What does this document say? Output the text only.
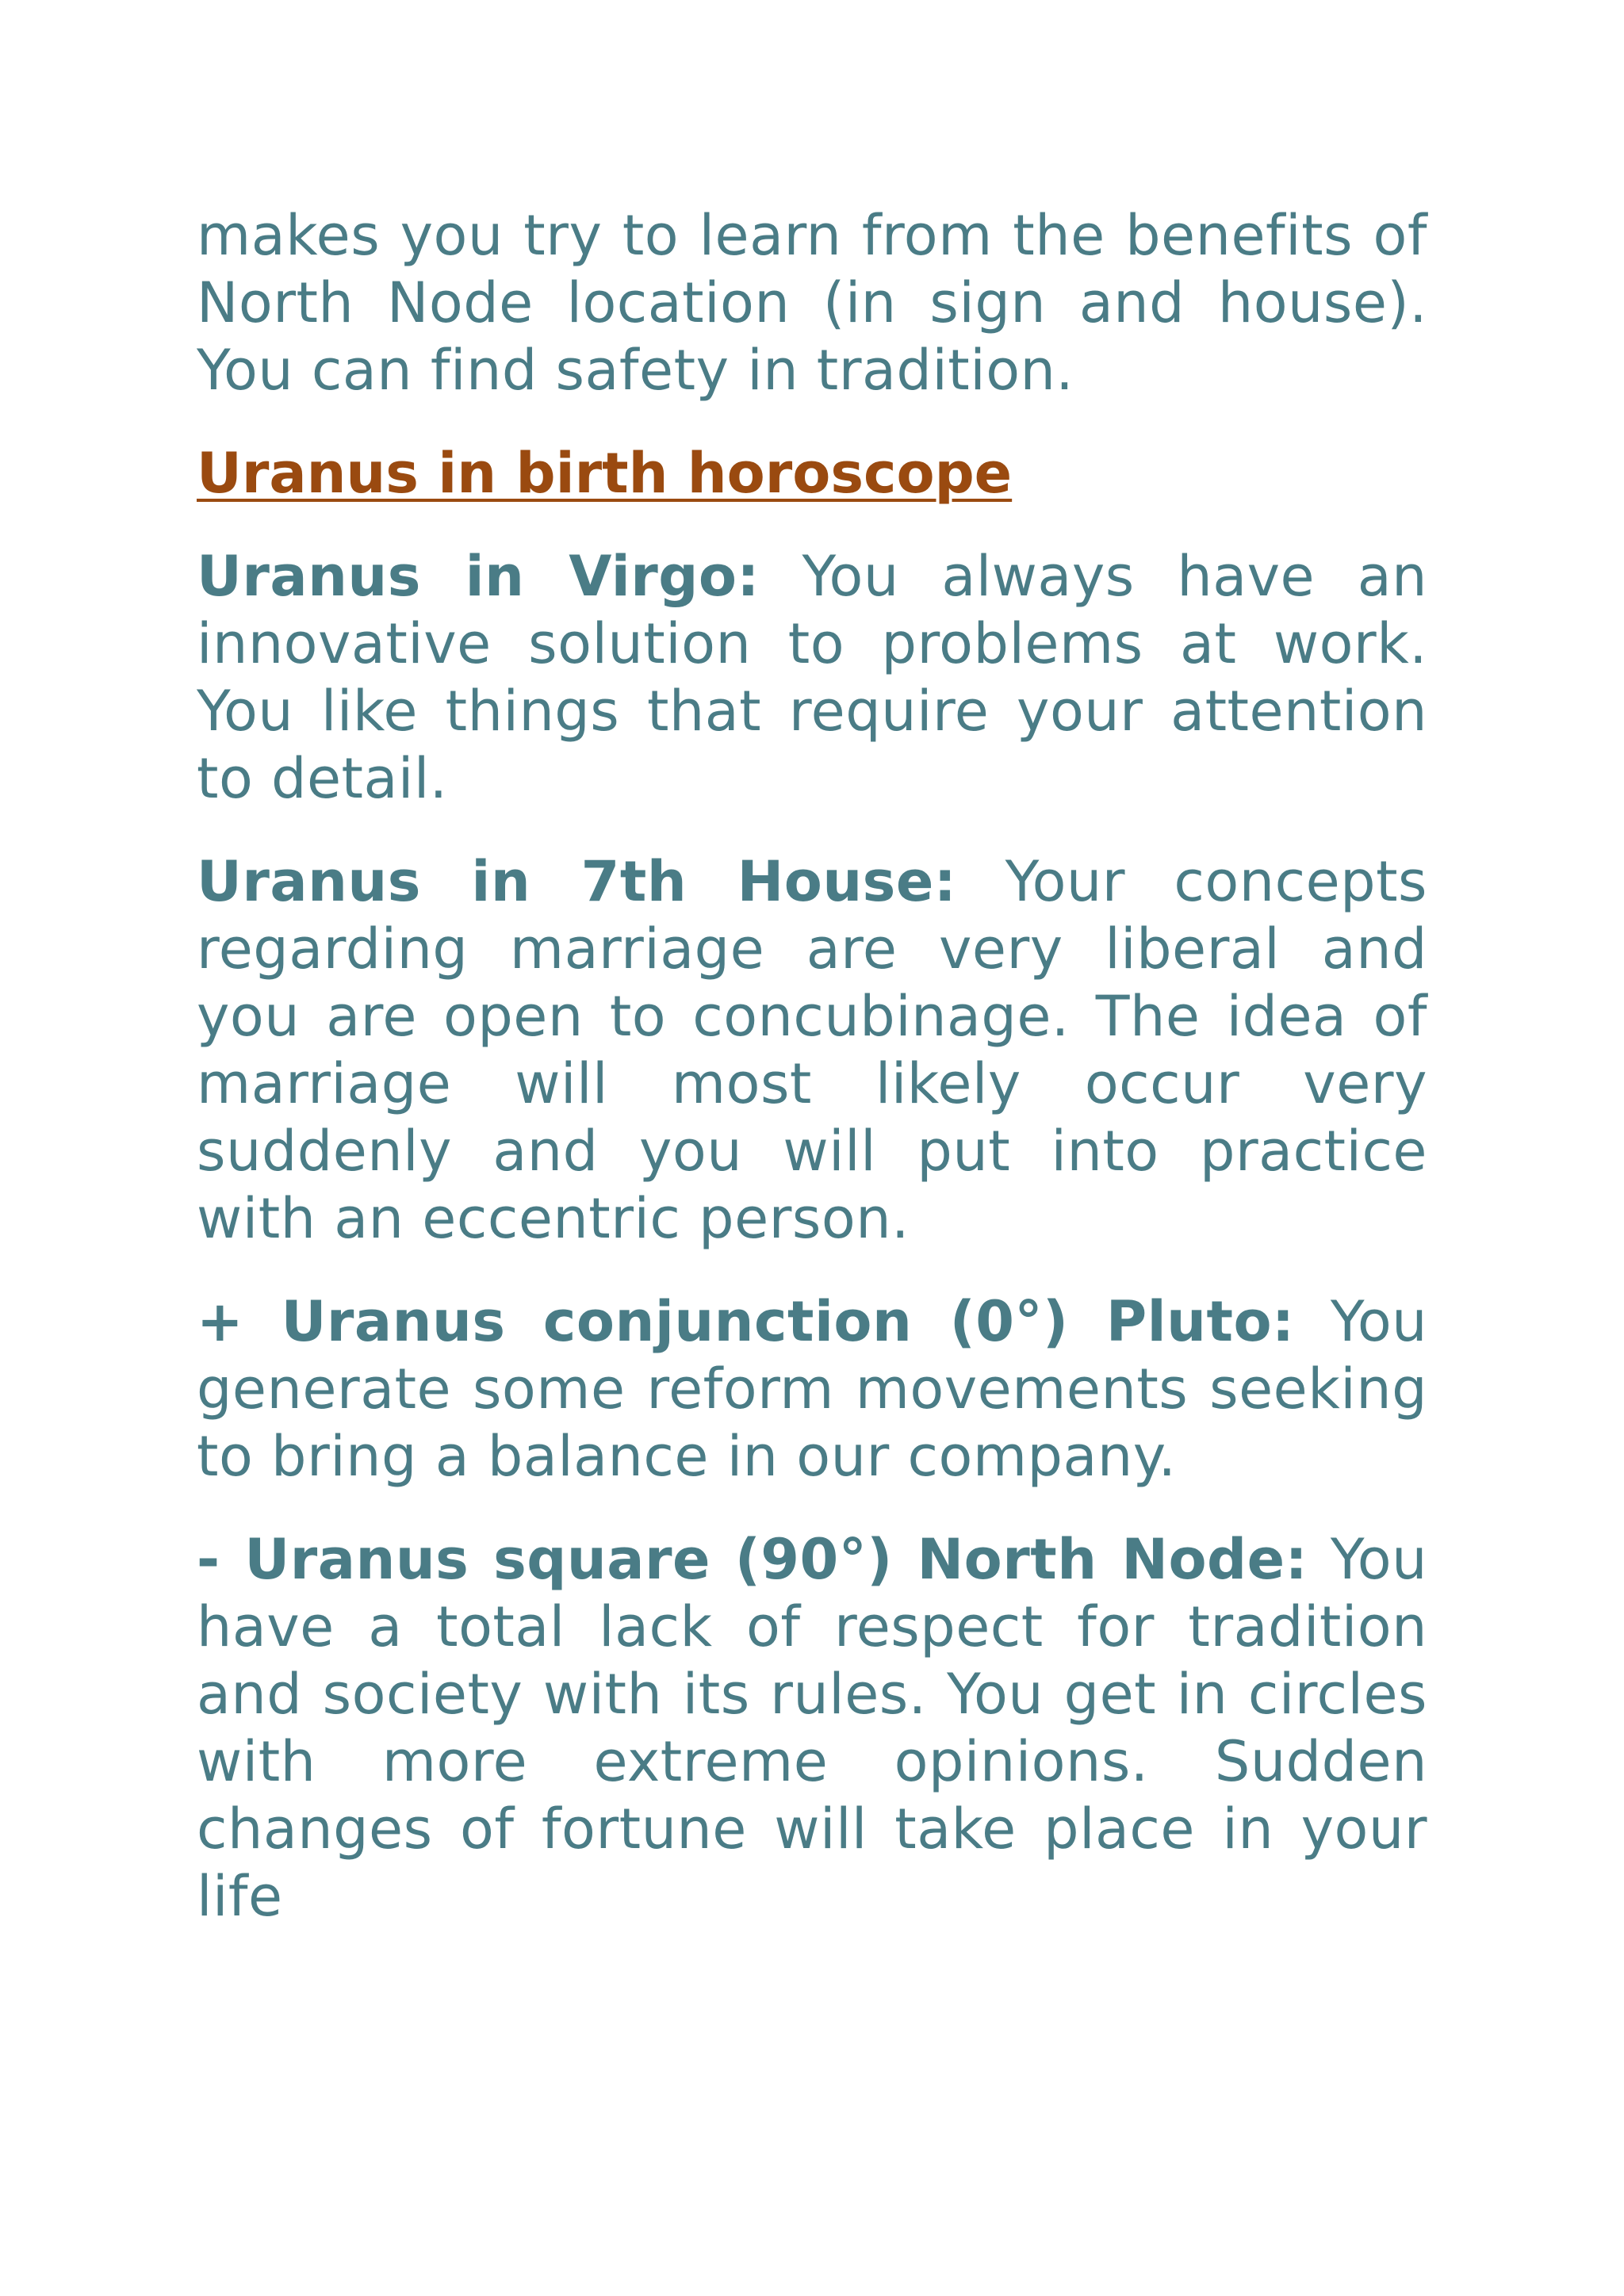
makes you try to learn from the benefits of North Node location (in sign and house). You can find safety in tradition.

Uranus in birth horoscope

Uranus in Virgo: You always have an innovative solution to problems at work. You like things that require your attention to detail.

Uranus in 7th House: Your concepts regarding marriage are very liberal and you are open to concubinage. The idea of marriage will most likely occur very suddenly and you will put into practice with an eccentric person.

+ Uranus conjunction (0°) Pluto: You generate some reform movements seeking to bring a balance in our company.

- Uranus square (90°) North Node: You have a total lack of respect for tradition and society with its rules. You get in circles with more extreme opinions. Sudden changes of fortune will take place in your life
